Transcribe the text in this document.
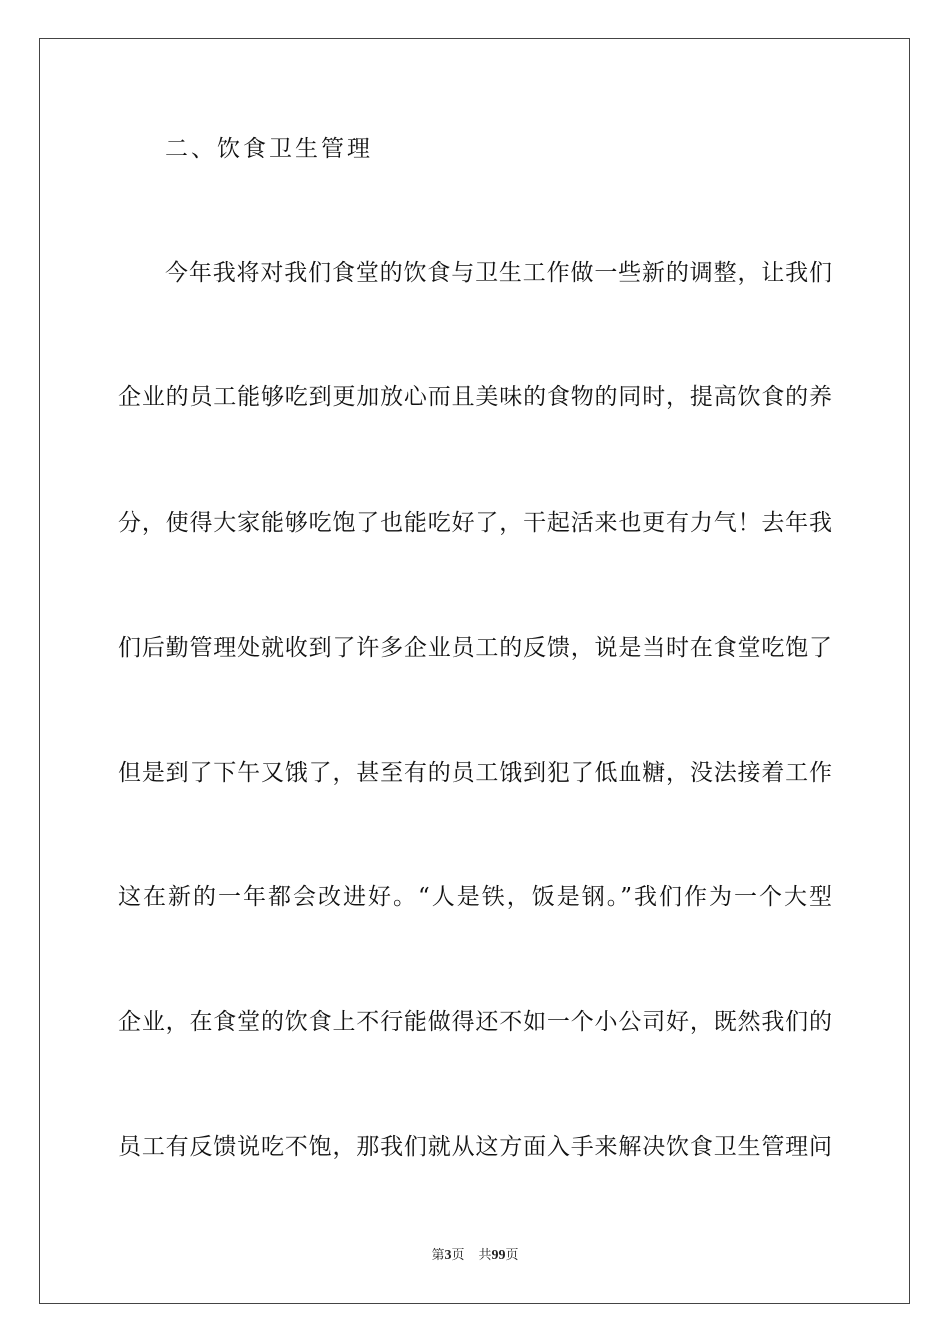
二、饮食卫生管理
今年我将对我们食堂的饮食与卫生工作做一些新的调整，让我们
企业的员工能够吃到更加放心而且美味的食物的同时，提高饮食的养
分，使得大家能够吃饱了也能吃好了，干起活来也更有力气！去年我
们后勤管理处就收到了许多企业员工的反馈，说是当时在食堂吃饱了
但是到了下午又饿了，甚至有的员工饿到犯了低血糖，没法接着工作
这在新的一年都会改进好。“人是铁，饭是钢。”我们作为一个大型
企业，在食堂的饮食上不行能做得还不如一个小公司好，既然我们的
员工有反馈说吃不饱，那我们就从这方面入手来解决饮食卫生管理问
第3页 共99页
